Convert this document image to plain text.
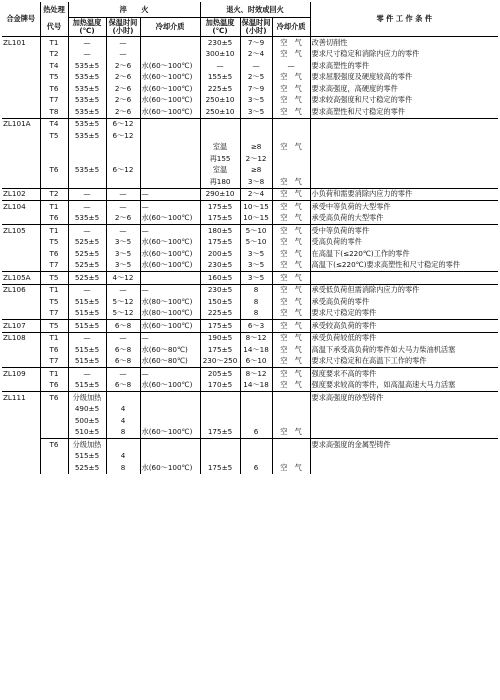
合金牌号	热处理	淬　　火			退火、时效或回火			零 件 工 作 条 件
	代号	加热温度(℃)	保温时间(小时)	冷却介质	加热温度(℃)	保温时间(小时)	冷却介质	
ZL101	T1	—	—		230±5	7～9	空　气	改善切削性
	T2	—	—		300±10	2～4	空　气	要求尺寸稳定和消除内应力的零件
	T4	535±5	2～6	水(60～100℃)	—	—	—	要求高塑性的零件
	T5	535±5	2～6	水(60～100℃)	155±5	2～5	空　气	要求屈服强度及硬度较高的零件
	T6	535±5	2～6	水(60～100℃)	225±5	7～9	空　气	要求高强度，高硬度的零件
	T7	535±5	2～6	水(60～100℃)	250±10	3～5	空　气	要求较高强度和尺寸稳定的零件
	T8	535±5	2～6	水(60～100℃)	250±10	3～5	空　气	要求高塑性和尺寸稳定的零件
ZL101A	T4	535±5	6～12					
	T5	535±5	6～12					
					室温	≥8	空　气	
					再155	2～12		
	T6	535±5	6～12		室温	≥8		
					再180	3～8	空　气	
ZL102	T2	—	—	—	290±10	2～4	空　气	小负荷和需要消除内应力的零件
ZL104	T1	—	—	—	175±5	10～15	空　气	承受中等负荷的大型零件
	T6	535±5	2～6	水(60～100℃)	175±5	10～15	空　气	承受高负荷的大型零件
ZL105	T1	—	—	—	180±5	5～10	空　气	受中等负荷的零件
	T5	525±5	3～5	水(60～100℃)	175±5	5～10	空　气	受高负荷的零件
	T6	525±5	3～5	水(60～100℃)	200±5	3～5	空　气	在高温下(≤220℃)工作的零件
	T7	525±5	3～5	水(60～100℃)	230±5	3～5	空　气	高温下(≤220℃)要求高塑性和尺寸稳定的零件
ZL105A	T5	525±5	4～12		160±5	3～5	空　气	
ZL106	T1	—	—	—	230±5	8	空　气	承受低负荷但需消除内应力的零件
	T5	515±5	5～12	水(80～100℃)	150±5	8	空　气	承受高负荷的零件
	T7	515±5	5～12	水(80～100℃)	225±5	8	空　气	要求尺寸稳定的零件
ZL107	T5	515±5	6～8	水(60～100℃)	175±5	6～3	空　气	承受较高负荷的零件
ZL108	T1	—	—	—	190±5	8～12	空　气	承受负荷较低的零件
	T6	515±5	6～8	水(60～80℃)	175±5	14～18	空　气	高温下承受高负荷的零件如大马力柴油机活塞
	T7	515±5	6～8	水(60～80℃)	230～250	6～10	空　气	要求尺寸稳定和在高温下工作的零件
ZL109	T1	—	—	—	205±5	8～12	空　气	强度要求不高的零件
	T6	515±5	6～8	水(60～100℃)	170±5	14～18	空　气	强度要求较高的零件，如高温高速大马力活塞
ZL111	T6	分级加热						要求高强度的砂型铸件
		490±5	4					
		500±5	4					
		510±5	8	水(60～100℃)	175±5	6	空　气	
	T6	分级加热						要求高强度的金属型铸件
		515±5	4					
		525±5	8	水(60～100℃)	175±5	6	空　气	
